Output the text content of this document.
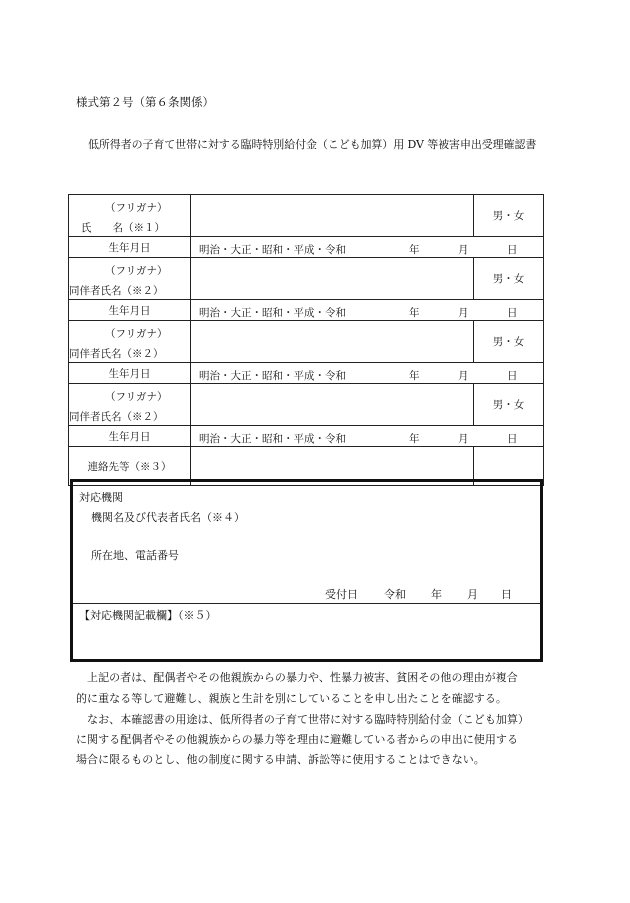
様式第２号（第６条関係）
低所得者の子育て世帯に対する臨時特別給付金（こども加算）用 DV 等被害申出受理確認書
（フリガナ）
氏　　名（※１）		男・女
生年月日	明治・大正・昭和・平成・令和 年 月 日	

（フリガナ）
同伴者氏名（※２）		男・女
生年月日	明治・大正・昭和・平成・令和 年 月 日	

（フリガナ）
同伴者氏名（※２）		男・女
生年月日	明治・大正・昭和・平成・令和 年 月 日	

（フリガナ）
同伴者氏名（※２）		男・女
生年月日	明治・大正・昭和・平成・令和 年 月 日	

連絡先等（※３）		
対応機関
機関名及び代表者氏名（※４）
所在地、電話番号
受付日 令和 年 月 日
【対応機関記載欄】（※５）
　上記の者は、配偶者やその他親族からの暴力や、性暴力被害、貧困その他の理由が複合
的に重なる等して避難し、親族と生計を別にしていることを申し出たことを確認する。
　なお、本確認書の用途は、低所得者の子育て世帯に対する臨時特別給付金（こども加算）
に関する配偶者やその他親族からの暴力等を理由に避難している者からの申出に使用する
場合に限るものとし、他の制度に関する申請、訴訟等に使用することはできない。
